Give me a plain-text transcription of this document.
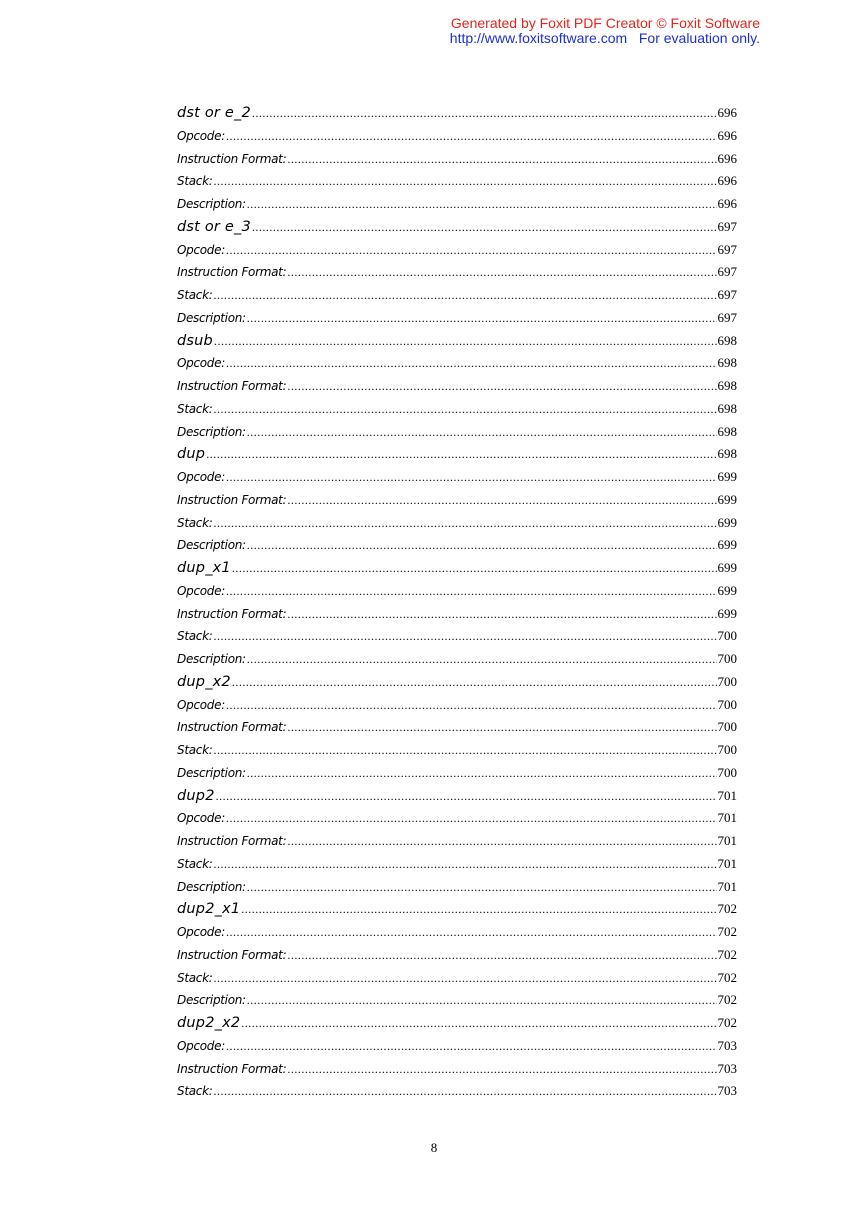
Generated by Foxit PDF Creator © Foxit Software
http://www.foxitsoftware.com For evaluation only.
dst or e_2 .....	696
Opcode: .....	696
Instruction Format: .....	696
Stack: .....	696
Description: .....	696
dst or e_3 .....	697
Opcode: .....	697
Instruction Format: .....	697
Stack: .....	697
Description: .....	697
dsub .....	698
Opcode: .....	698
Instruction Format: .....	698
Stack: .....	698
Description: .....	698
dup .....	698
Opcode: .....	699
Instruction Format: .....	699
Stack: .....	699
Description: .....	699
dup_x1 .....	699
Opcode: .....	699
Instruction Format: .....	699
Stack: .....	700
Description: .....	700
dup_x2 .....	700
Opcode: .....	700
Instruction Format: .....	700
Stack: .....	700
Description: .....	700
dup2 .....	701
Opcode: .....	701
Instruction Format: .....	701
Stack: .....	701
Description: .....	701
dup2_x1 .....	702
Opcode: .....	702
Instruction Format: .....	702
Stack: .....	702
Description: .....	702
dup2_x2 .....	702
Opcode: .....	703
Instruction Format: .....	703
Stack: .....	703
8
